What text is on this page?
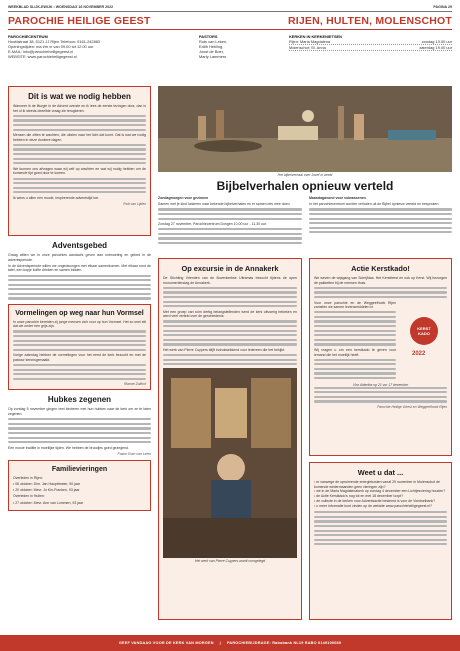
WEEKBLAD SLIJK-EWIJK • WOENSDAG 16 NOVEMBER 2022	PAGINA 29
PAROCHIE HEILIGE GEEST	RIJEN, HULTEN, MOLENSCHOT
PAROCHIECENTRUM
Hoofdstraat 38, 5121 JJ Rijen Telefoon: 0161-242883
Openingstijden: ma t/m vr van 09.00 tot 12.00 uur
E-MAIL: info@parochieheiligegeest.nl
WEBSITE: www.parochieheiligegeest.nl
PASTORS
Ruts van Leken,
Edith Hebling,
Joost de Boer,
Marty Lammers
KERKEN IN KERKENIETSEN
Rijen: Maria Magdalena	zondag 10.00 uur
Molenschot: St. Anna	zaterdag 19.00 uur
Dit is wat we nodig hebben

Wanneer ik de liturgie in de Advent overzie en ik lees de eerste lezingen door, dan is het of ik steeds dezelfde vraag zie terugkeren.

Mensen die zitten te wachten, die uitzien naar het licht dat komt. Dat is wat we nodig hebben in deze donkere dagen.

We kunnen ons afvragen waar wij zelf op wachten en wat wij nodig hebben om de komende tijd goed door te komen.

Ik wens u allen een mooie, inspirerende adventstijd toe.

Rob van Lijden
Adventsgebed

Graag willen we in onze parochies aandacht geven aan ontmoeting en gebed in de adventsperiode.

In de Adventsperiode willen we ongedwongen met elkaar samenkomen. Met elkaar rond de tafel, een kopje koffie drinken en samen bidden.

Vormelingen op weg naar hun Vormsel

In onze parochie bereiden zij jonge mensen zich voor op hun Vormsel. Het zo snel stil dat we onder hen grijs zijn.

Vorige zaterdag hebben de vormelingen voor het eerst de kerk bezocht en met de pastoor kennisgemaakt.

Rianne Zuithof
Hubkes zegenen

Op zondag 5 november gingen veel kinderen met hun hubkes naar de kerk om ze te laten zegenen.

Een mooie traditie in moeilijke tijden. We hebben de broodjes goed gezegend.

Pastor Rutn van Lelen
Familievieringen

Overleden in Rijen:

• 06 oktober: Dim. Jan Haupttmeier, 90 jaar

• 20 oktober: Mevr. Jo Kin-Franken, 93 jaar

Overleden in Hulten:

• 27 oktober: Mevr. Ann van Lommen, 93 jaar

Het bijbelverhaal over Jozef in beeld
Bijbelverhalen opnieuw verteld

Zondagmorgen voor gezinnen

Samen met je kind luisteren naar bekende bijbelverhalen en er samen iets mee doen.

Zondag 27 november, Parochiecentrum Dongen 10.00 uur - 11.30 uur.

Maandagavond voor volwassenen

In het parochiecentrum worden verhalen uit de Bijbel opnieuw verteld en besproken.

Op excursie in de Annakerk

De Stichting Vrienden van de Bovenkerkse Ultramas bezocht tijdens de open monumentendag de Annakerk.

Met een groep van ruim dertig belangstellenden werd de kerk uitvoerig bekeken en werd veel verteld over de geschiedenis.

Het werk van Pierre Cuypers blijft indrukwekkend voor iedereen die het bekijkt.

Het werk van Pierre Cuypers wordt voorgelegd
Actie Kerstkado!

We weven de wijsgang van Schrijfdas. Het Kerstfeest en ook op Kerst. Wij bezorgen de pakketten bij de mensen thuis.

Voor onze parochie en de Weggeefhoek Rijen zamelen we samen levensmiddelen in.

Wij vragen u om een kerstkado te geven voor iemand die het moeilijk heeft.

KERST
KADO
2022
Vlnr Aldertha op 21 vor 17 december
Parochie Heilige Geest en Weggeefhoek Rijen
Weet u dat ...
• er vanwege de opruimende energiekosten vanaf 29 november in Molenschot de komende wintermaanden geen vieringen zijn?
• we in de Maria Magdalenakerk op zondag 4 december een Lichtjesviering houden?
• de Actie Kerstkado's nog tot en met 18 december loopt?
• de collecte in de kerken voor Adventsactie bestemd is voor de Voedselbank?
• u meer informatie kunt vinden op de website www.parochieheiligegeest.nl?
GEEF VANDAAG VOOR DE KERK VAN MORGEN | PAROCHIEBIJDRAGE: Rabobank NL19 RABO 0149100080
